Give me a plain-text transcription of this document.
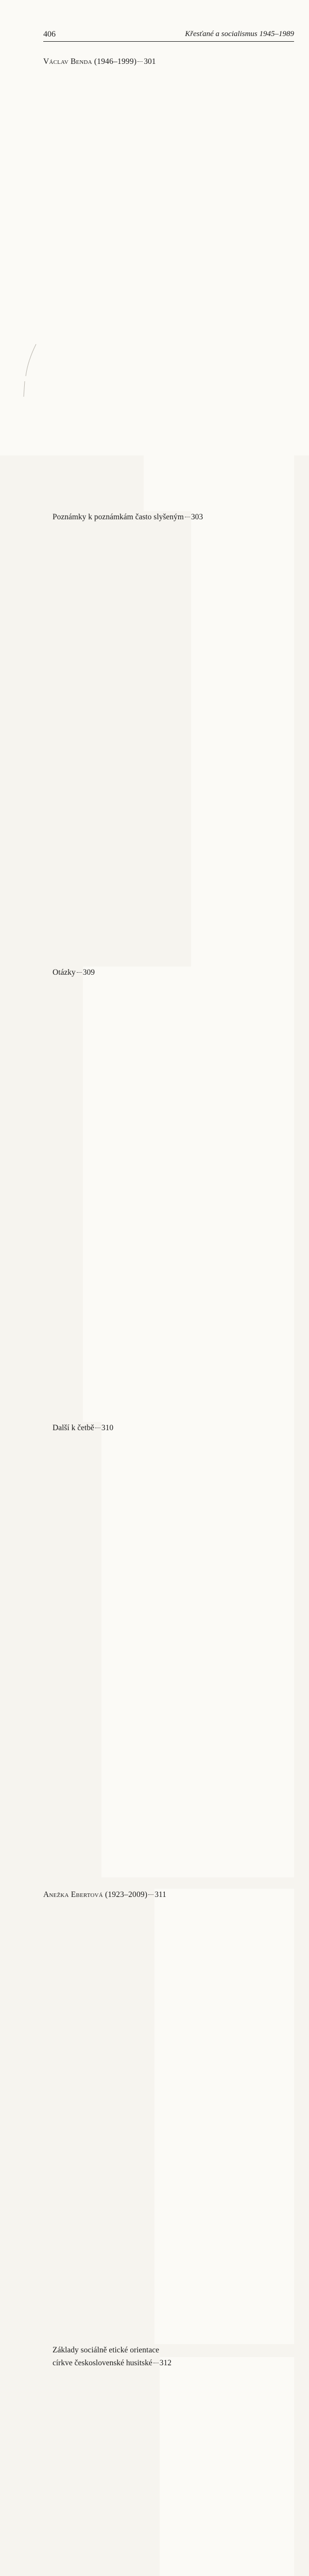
406	Křesťané a socialismus 1945–1989
Václav Benda (1946–1999) 301
Poznámky k poznámkám často slyšeným 303
Otázky 309
Další k četbě 310
Anežka Ebertová (1923–2009) 311
Základy sociálně etické orientace
církve československé husitské 312
